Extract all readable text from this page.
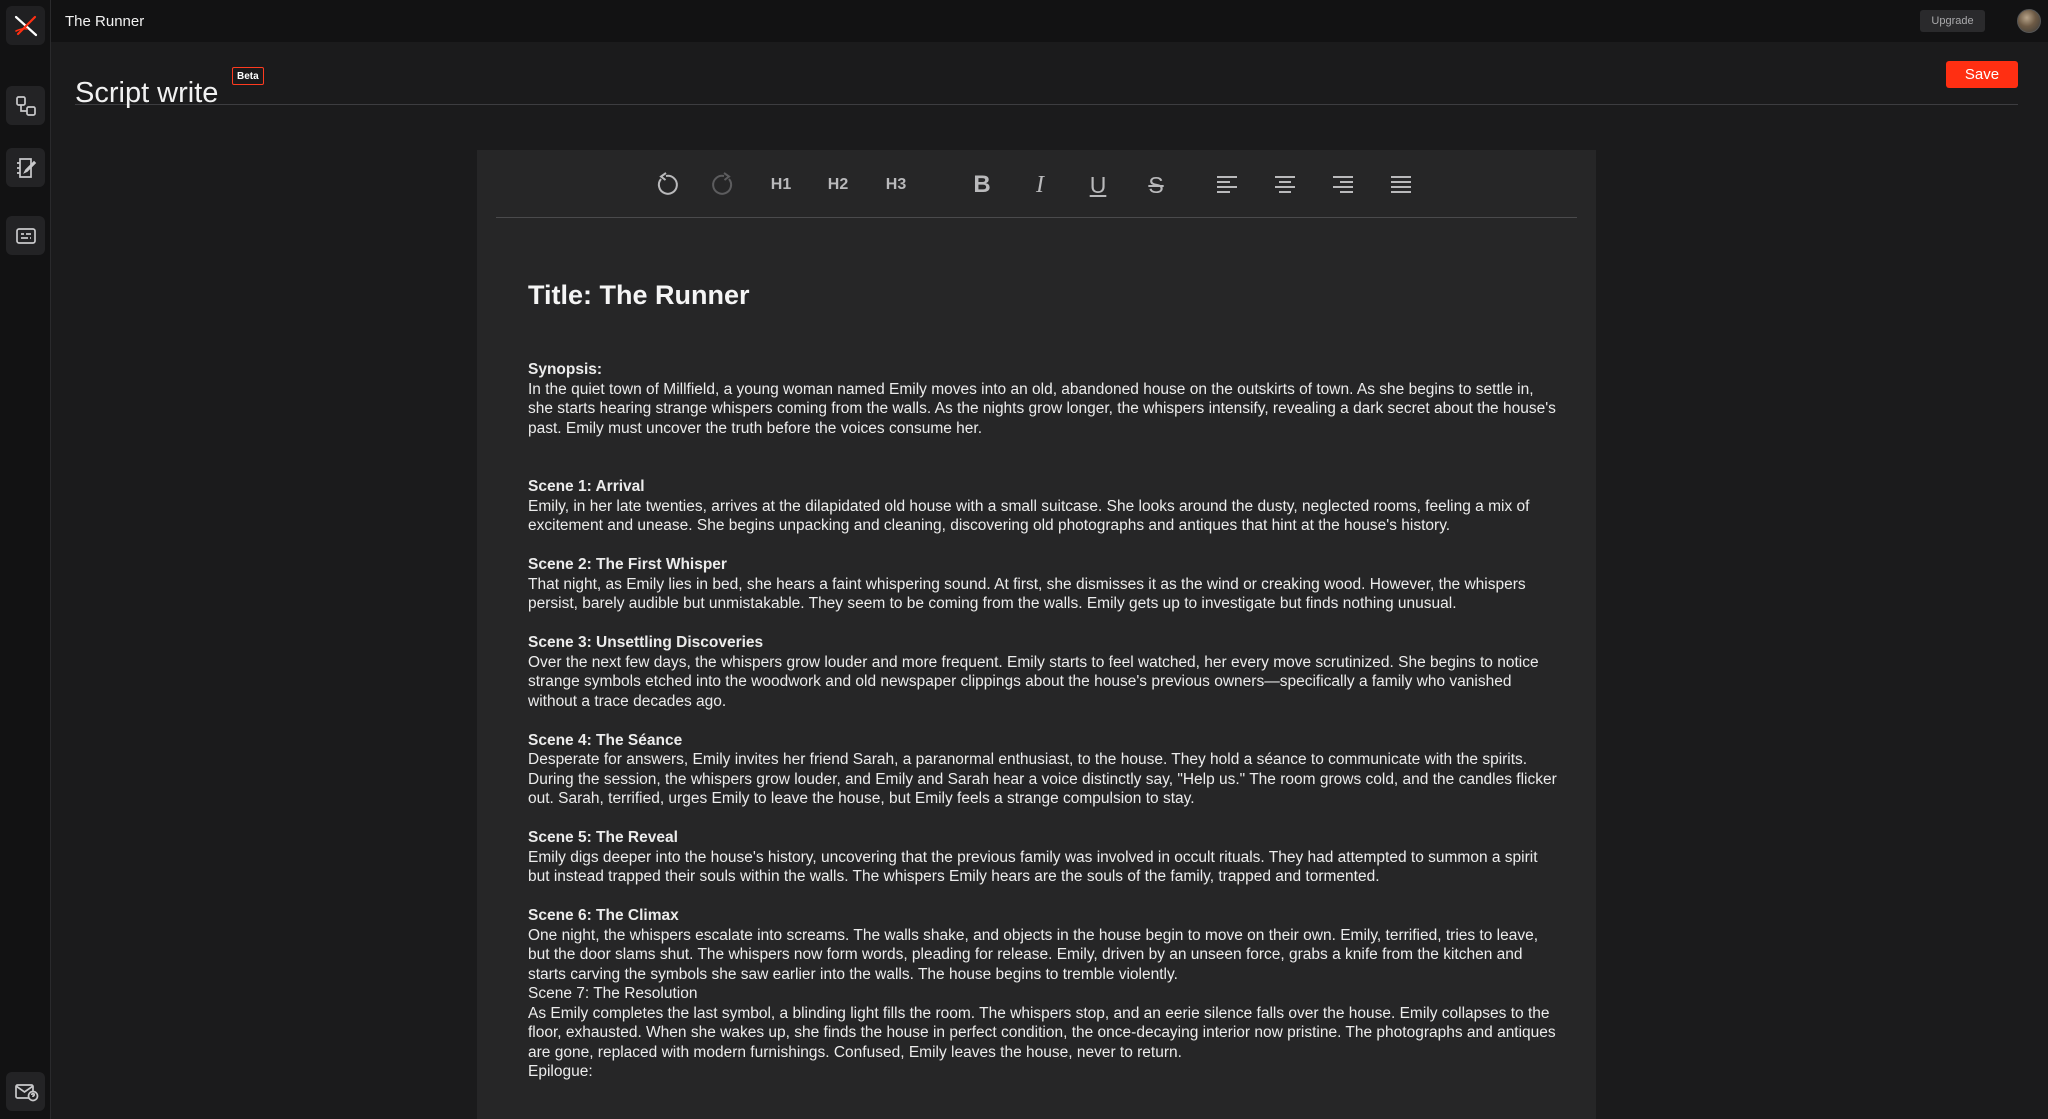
The Runner	Upgrade
Script write
Beta	Save
H1	H2	H3	B	I	U	S
Title: The Runner
Synopsis:
In the quiet town of Millfield, a young woman named Emily moves into an old, abandoned house on the outskirts of town. As she begins to settle in, she starts hearing strange whispers coming from the walls. As the nights grow longer, the whispers intensify, revealing a dark secret about the house's past. Emily must uncover the truth before the voices consume her.
Scene 1: Arrival
Emily, in her late twenties, arrives at the dilapidated old house with a small suitcase. She looks around the dusty, neglected rooms, feeling a mix of excitement and unease. She begins unpacking and cleaning, discovering old photographs and antiques that hint at the house's history.
Scene 2: The First Whisper
That night, as Emily lies in bed, she hears a faint whispering sound. At first, she dismisses it as the wind or creaking wood. However, the whispers persist, barely audible but unmistakable. They seem to be coming from the walls. Emily gets up to investigate but finds nothing unusual.
Scene 3: Unsettling Discoveries
Over the next few days, the whispers grow louder and more frequent. Emily starts to feel watched, her every move scrutinized. She begins to notice strange symbols etched into the woodwork and old newspaper clippings about the house's previous owners—specifically a family who vanished without a trace decades ago.
Scene 4: The Séance
Desperate for answers, Emily invites her friend Sarah, a paranormal enthusiast, to the house. They hold a séance to communicate with the spirits. During the session, the whispers grow louder, and Emily and Sarah hear a voice distinctly say, "Help us." The room grows cold, and the candles flicker out. Sarah, terrified, urges Emily to leave the house, but Emily feels a strange compulsion to stay.
Scene 5: The Reveal
Emily digs deeper into the house's history, uncovering that the previous family was involved in occult rituals. They had attempted to summon a spirit but instead trapped their souls within the walls. The whispers Emily hears are the souls of the family, trapped and tormented.
Scene 6: The Climax
One night, the whispers escalate into screams. The walls shake, and objects in the house begin to move on their own. Emily, terrified, tries to leave, but the door slams shut. The whispers now form words, pleading for release. Emily, driven by an unseen force, grabs a knife from the kitchen and starts carving the symbols she saw earlier into the walls. The house begins to tremble violently.
Scene 7: The Resolution
As Emily completes the last symbol, a blinding light fills the room. The whispers stop, and an eerie silence falls over the house. Emily collapses to the floor, exhausted. When she wakes up, she finds the house in perfect condition, the once-decaying interior now pristine. The photographs and antiques are gone, replaced with modern furnishings. Confused, Emily leaves the house, never to return.
Epilogue:
